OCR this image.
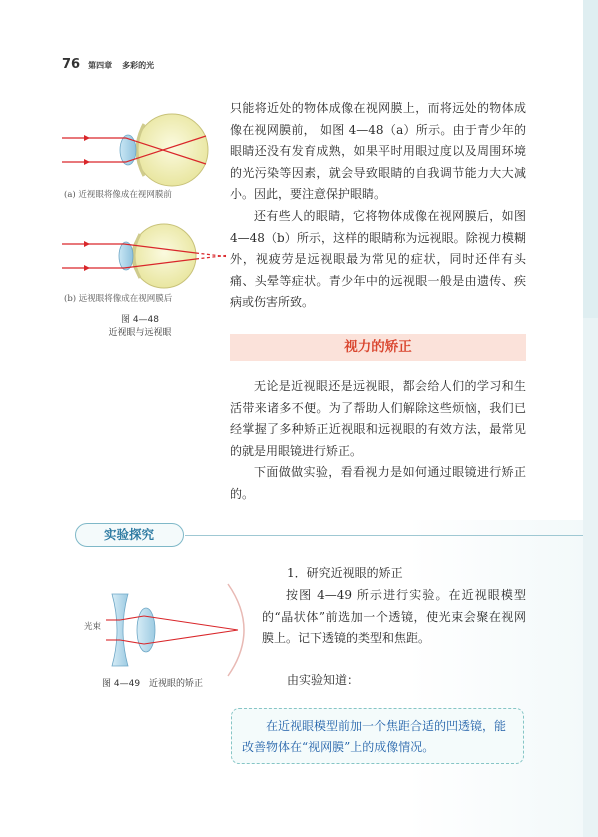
76 第四章 多彩的光
(a) 近视眼将像成在视网膜前
(b) 远视眼将像成在视网膜后
图 4—48
近视眼与远视眼

只能将近处的物体成像在视网膜上，而将远处的物体成像在视网膜前， 如图 4—48（a）所示。由于青少年的眼睛还没有发育成熟，如果平时用眼过度以及周围环境的光污染等因素，就会导致眼睛的自我调节能力大大减小。因此，要注意保护眼睛。

还有些人的眼睛，它将物体成像在视网膜后，如图 4—48（b）所示，这样的眼睛称为远视眼。除视力模糊外，视疲劳是远视眼最为常见的症状，同时还伴有头痛、头晕等症状。青少年中的远视眼一般是由遗传、疾病或伤害所致。

视力的矫正

无论是近视眼还是远视眼，都会给人们的学习和生活带来诸多不便。为了帮助人们解除这些烦恼，我们已经掌握了多种矫正近视眼和远视眼的有效方法，最常见的就是用眼镜进行矫正。

下面做做实验，看看视力是如何通过眼镜进行矫正的。

实验探究

1．研究近视眼的矫正

按图 4—49 所示进行实验。在近视眼模型的“晶状体”前选加一个透镜，使光束会聚在视网膜上。记下透镜的类型和焦距。

光束
图 4—49　近视眼的矫正	由实验知道：

在近视眼模型前加一个焦距合适的凹透镜，能改善物体在“视网膜”上的成像情况。
